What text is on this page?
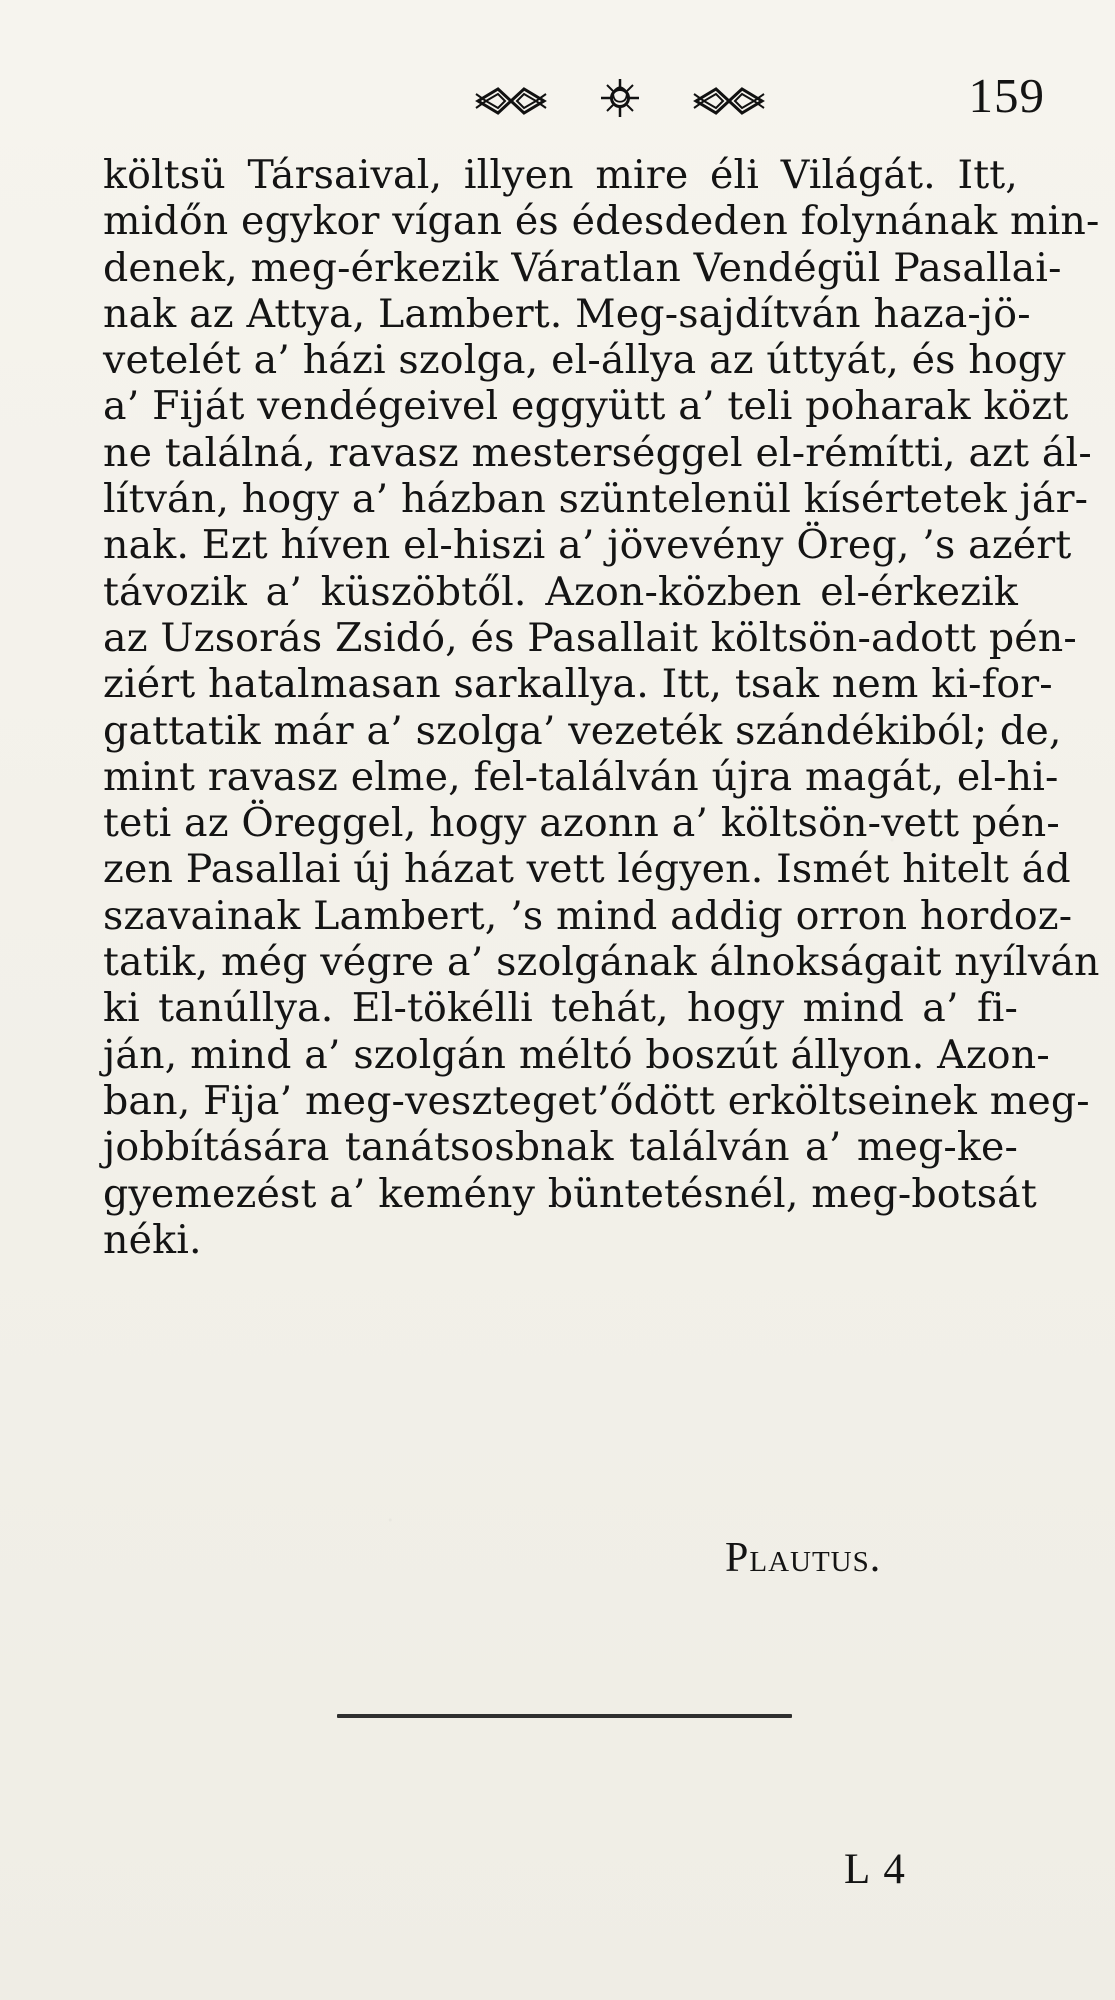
159
költsü Társaival, illyen mire éli Világát. Itt,
midőn egykor vígan és édesdeden folynának min-
denek, meg-érkezik Váratlan Vendégül Pasallai-
nak az Attya, Lambert. Meg-sajdítván haza-jö-
vetelét a’ házi szolga, el-állya az úttyát, és hogy
a’ Fiját vendégeivel eggyütt a’ teli poharak közt
ne találná, ravasz mesterséggel el-rémítti, azt ál-
lítván, hogy a’ házban szüntelenül kísértetek jár-
nak. Ezt híven el-hiszi a’ jövevény Öreg, ’s azért
távozik a’ küszöbtől. Azon-közben el-érkezik
az Uzsorás Zsidó, és Pasallait költsön-adott pén-
ziért hatalmasan sarkallya. Itt, tsak nem ki-for-
gattatik már a’ szolga’ vezeték szándékiból; de,
mint ravasz elme, fel-találván újra magát, el-hi-
teti az Öreggel, hogy azonn a’ költsön-vett pén-
zen Pasallai új házat vett légyen. Ismét hitelt ád
szavainak Lambert, ’s mind addig orron hordoz-
tatik, még végre a’ szolgának álnokságait nyílván
ki tanúllya. El-tökélli tehát, hogy mind a’ fi-
ján, mind a’ szolgán méltó boszút állyon. Azon-
ban, Fija’ meg-veszteget’ődött erköltseinek meg-
jobbítására tanátsosbnak találván a’ meg-ke-
gyemezést a’ kemény büntetésnél, meg-botsát
néki.
Plautus.
L 4
